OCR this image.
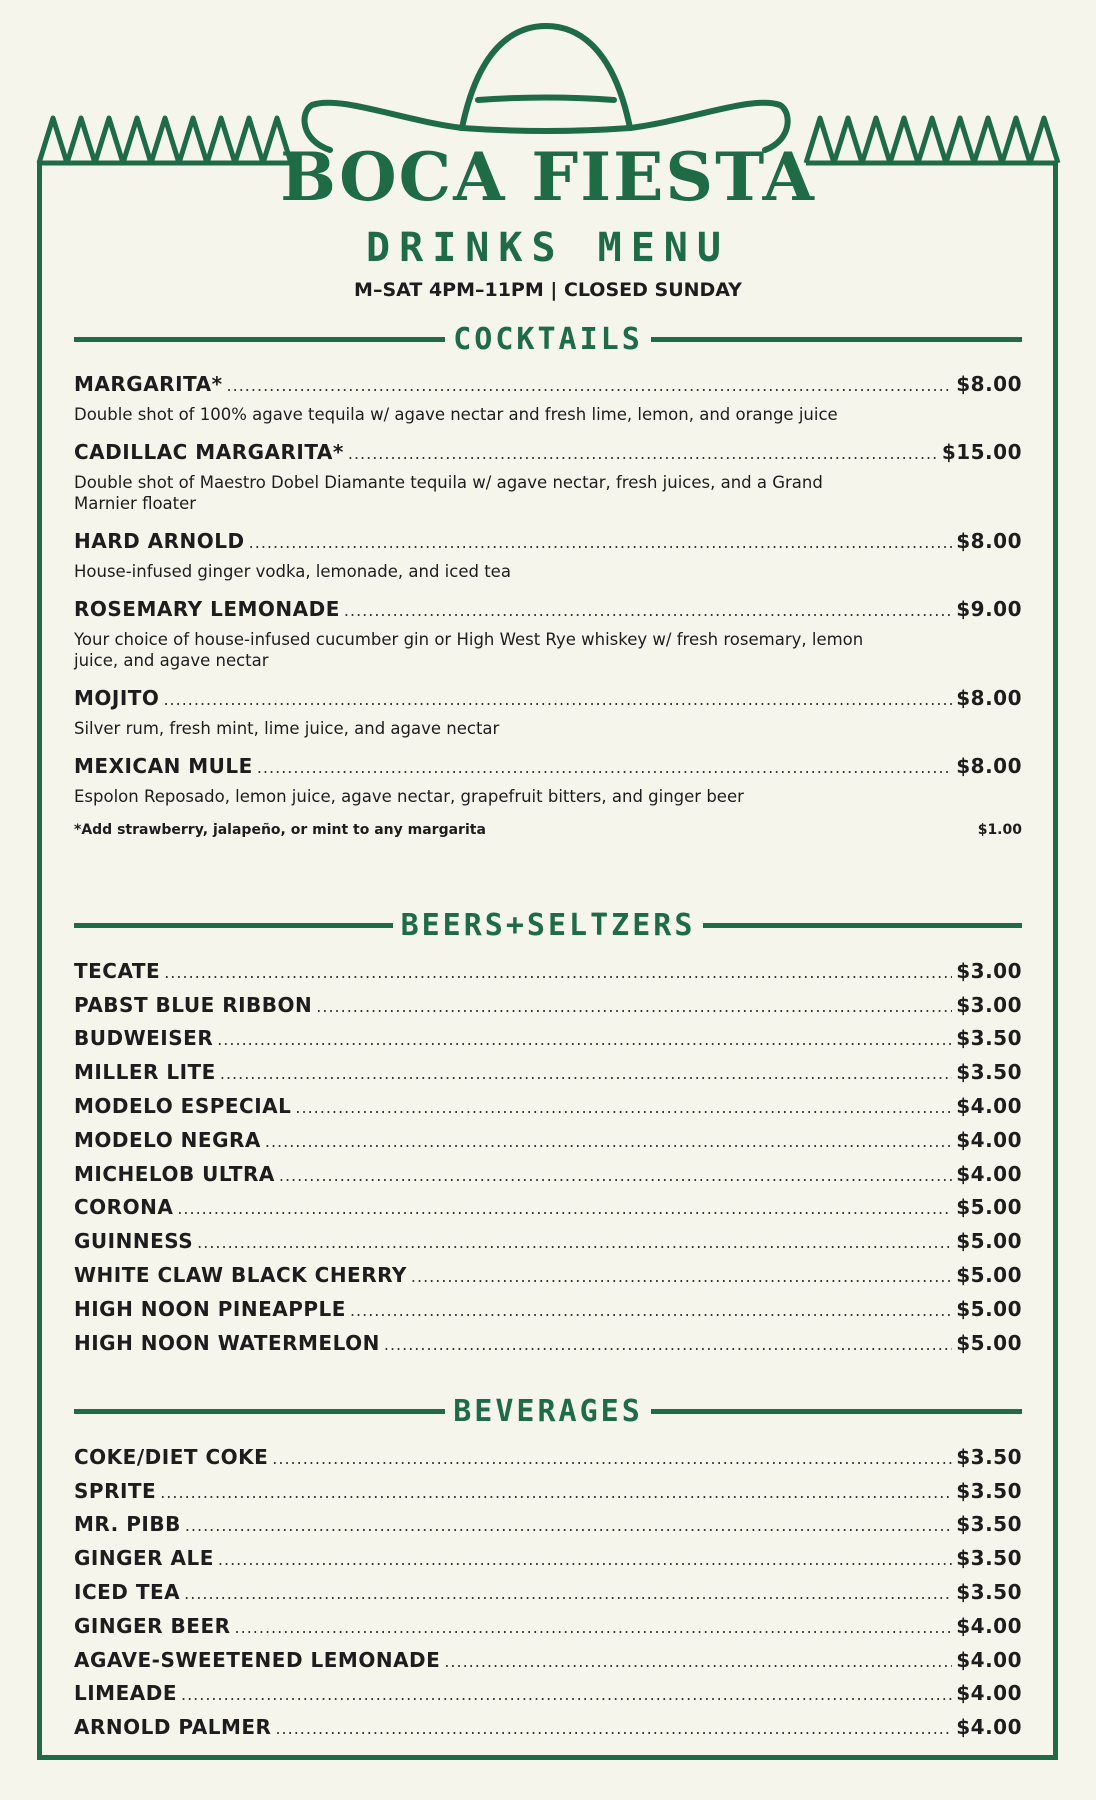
BOCA FIESTA
DRINKS MENU
M–SAT 4PM–11PM | CLOSED SUNDAY
COCKTAILS
MARGARITA* .....	$8.00
Double shot of 100% agave tequila w/ agave nectar and fresh lime, lemon, and orange juice
CADILLAC MARGARITA* .....	$15.00
Double shot of Maestro Dobel Diamante tequila w/ agave nectar, fresh juices, and a Grand Marnier floater
HARD ARNOLD .....	$8.00
House-infused ginger vodka, lemonade, and iced tea
ROSEMARY LEMONADE .....	$9.00
Your choice of house-infused cucumber gin or High West Rye whiskey w/ fresh rosemary, lemon juice, and agave nectar
MOJITO .....	$8.00
Silver rum, fresh mint, lime juice, and agave nectar
MEXICAN MULE .....	$8.00
Espolon Reposado, lemon juice, agave nectar, grapefruit bitters, and ginger beer
*Add strawberry, jalapeño, or mint to any margarita	$1.00
BEERS+SELTZERS
TECATE .....	$3.00
PABST BLUE RIBBON .....	$3.00
BUDWEISER .....	$3.50
MILLER LITE .....	$3.50
MODELO ESPECIAL .....	$4.00
MODELO NEGRA .....	$4.00
MICHELOB ULTRA .....	$4.00
CORONA .....	$5.00
GUINNESS .....	$5.00
WHITE CLAW BLACK CHERRY .....	$5.00
HIGH NOON PINEAPPLE .....	$5.00
HIGH NOON WATERMELON .....	$5.00
BEVERAGES
COKE/DIET COKE .....	$3.50
SPRITE .....	$3.50
MR. PIBB .....	$3.50
GINGER ALE .....	$3.50
ICED TEA .....	$3.50
GINGER BEER .....	$4.00
AGAVE-SWEETENED LEMONADE .....	$4.00
LIMEADE .....	$4.00
ARNOLD PALMER .....	$4.00
